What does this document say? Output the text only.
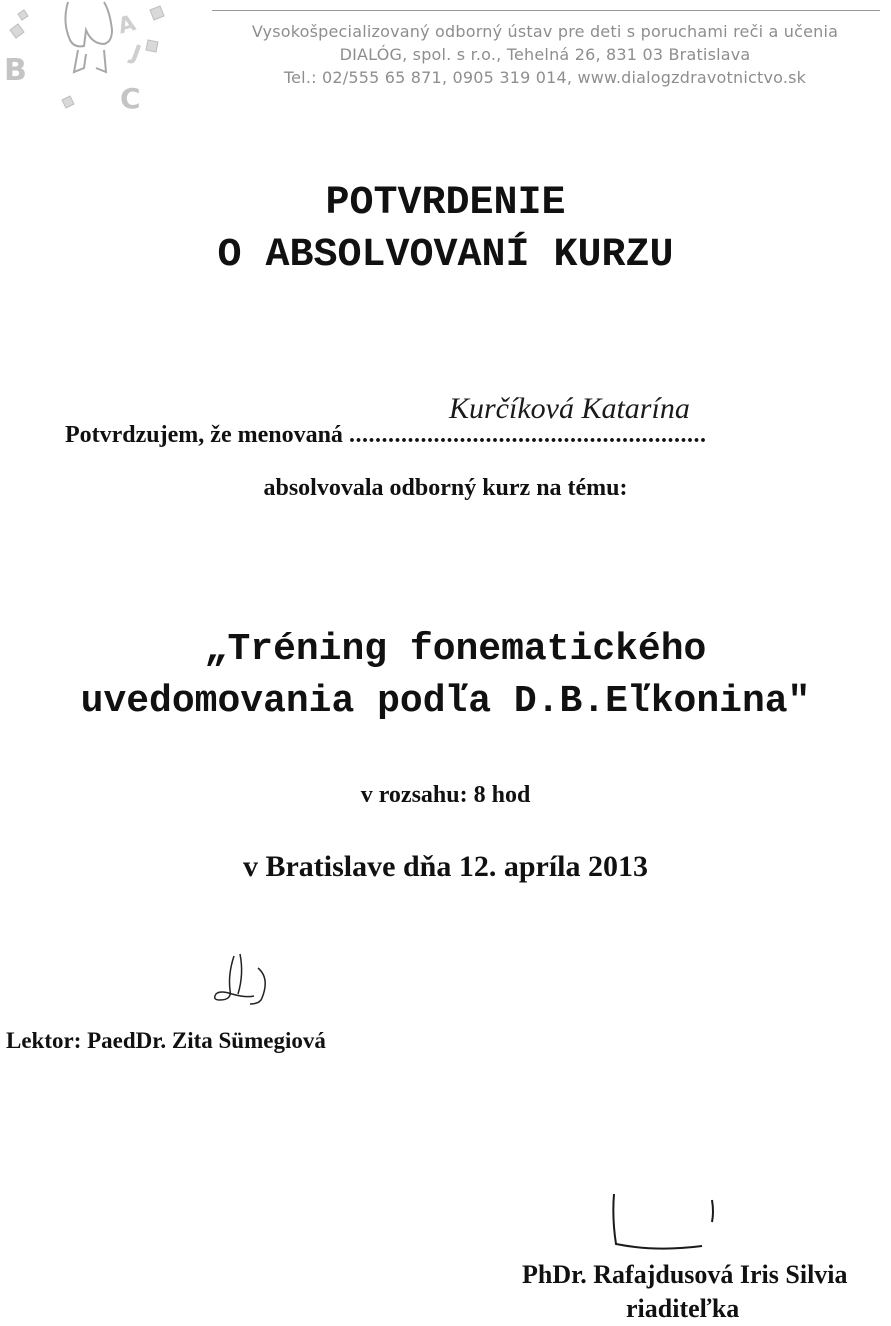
B
C
A
J
Vysokošpecializovaný odborný ústav pre deti s poruchami reči a učenia
DIALÓG, spol. s r.o., Tehelná 26, 831 03 Bratislava
Tel.: 02/555 65 871, 0905 319 014, www.dialogzdravotnictvo.sk
POTVRDENIE
O ABSOLVOVANÍ KURZU
Kurčíková Katarína
Potvrdzujem, že menovaná .......................................................
absolvovala odborný kurz na tému:
„Tréning fonematického
uvedomovania podľa D.B.Eľkonina"
v rozsahu: 8 hod
v Bratislave dňa 12. apríla 2013
Lektor: PaedDr. Zita Sümegiová
PhDr. Rafajdusová Iris Silvia
riaditeľka
